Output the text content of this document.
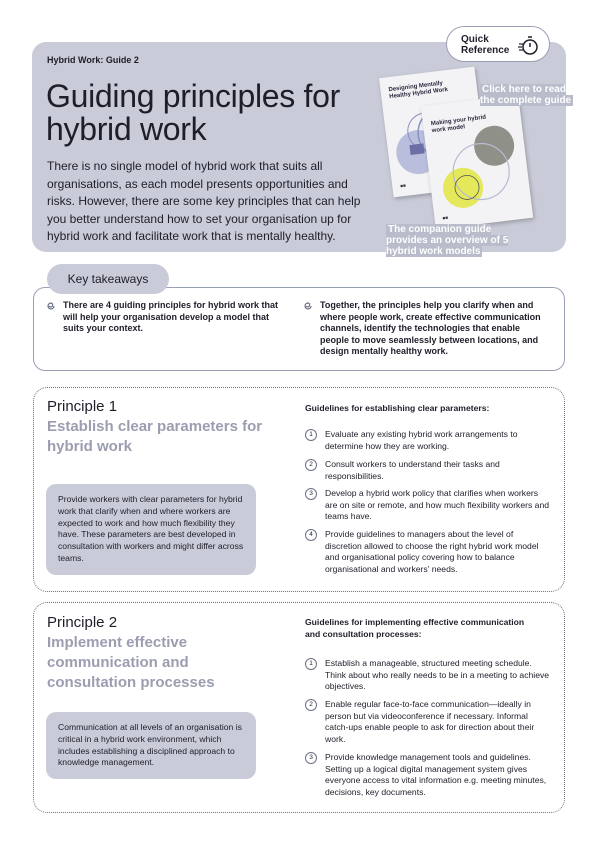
Hybrid Work: Guide 2
Guiding principles for hybrid work

There is no single model of hybrid work that suits all organisations, as each model presents opportunities and risks. However, there are some key principles that can help you better understand how to set your organisation up for hybrid work and facilitate work that is mentally healthy.

Quick Reference
Designing Mentally Healthy Hybrid Work
■■
Making your hybrid work model
■■
Click here to read the complete guide
The companion guide provides an overview of 5 hybrid work models
Key takeaways
There are 4 guiding principles for hybrid work that will help your organisation develop a model that suits your context.
Together, the principles help you clarify when and where people work, create effective communication channels, identify the technologies that enable people to move seamlessly between locations, and design mentally healthy work.
Principle 1
Establish clear parameters for hybrid work
Provide workers with clear parameters for hybrid work that clarify when and where workers are expected to work and how much flexibility they have. These parameters are best developed in consultation with workers and might differ across teams.
Guidelines for establishing clear parameters:
1	Evaluate any existing hybrid work arrangements to determine how they are working.
2	Consult workers to understand their tasks and responsibilities.
3	Develop a hybrid work policy that clarifies when workers are on site or remote, and how much flexibility workers and teams have.
4	Provide guidelines to managers about the level of discretion allowed to choose the right hybrid work model and organisational policy covering how to balance organisational and workers' needs.
Principle 2
Implement effective communication and consultation processes
Communication at all levels of an organisation is critical in a hybrid work environment, which includes establishing a disciplined approach to knowledge management.
Guidelines for implementing effective communication and consultation processes:
1	Establish a manageable, structured meeting schedule. Think about who really needs to be in a meeting to achieve objectives.
2	Enable regular face-to-face communication—ideally in person but via videoconference if necessary. Informal catch-ups enable people to ask for direction about their work.
3	Provide knowledge management tools and guidelines. Setting up a logical digital management system gives everyone access to vital information e.g. meeting minutes, decisions, key documents.
